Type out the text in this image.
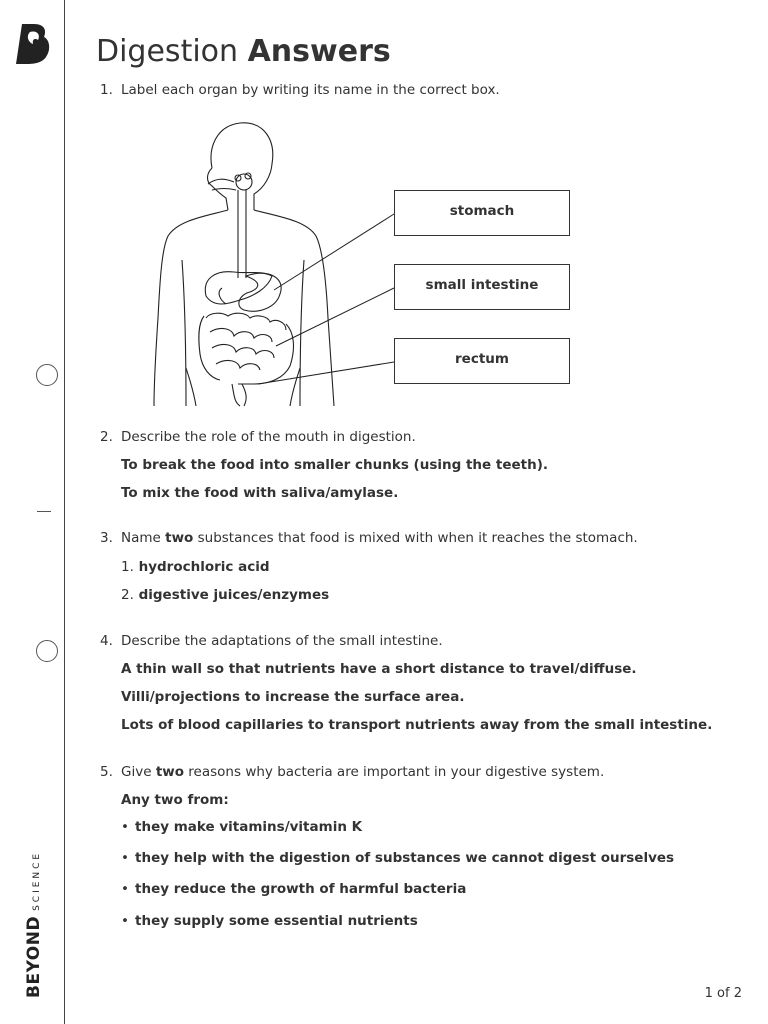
BEYONDSCIENCE
Digestion Answers
1. Label each organ by writing its name in the correct box.
stomach
small intestine
rectum
2. Describe the role of the mouth in digestion.
To break the food into smaller chunks (using the teeth).
To mix the food with saliva/amylase.
3. Name two substances that food is mixed with when it reaches the stomach.
1. hydrochloric acid
2. digestive juices/enzymes
4. Describe the adaptations of the small intestine.
A thin wall so that nutrients have a short distance to travel/diffuse.
Villi/projections to increase the surface area.
Lots of blood capillaries to transport nutrients away from the small intestine.
5. Give two reasons why bacteria are important in your digestive system.
Any two from:
• they make vitamins/vitamin K
• they help with the digestion of substances we cannot digest ourselves
• they reduce the growth of harmful bacteria
• they supply some essential nutrients
1 of 2
